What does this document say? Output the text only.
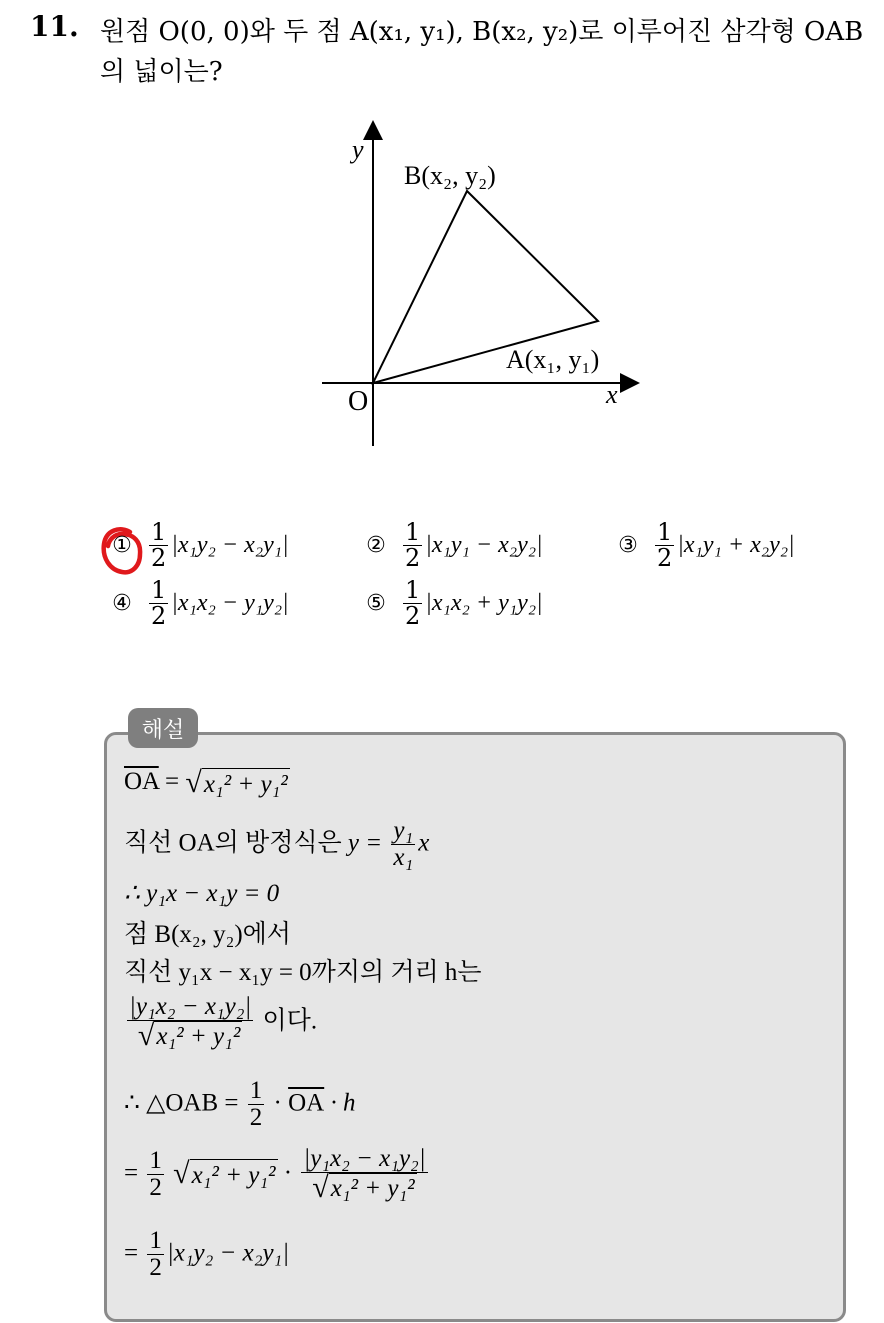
11. 원점 O(0, 0)와 두 점 A(x₁, y₁), B(x₂, y₂)로 이루어진 삼각형 OAB
의 넓이는?
y
x
O
B(x₂, y₂)
A(x₁, y₁)
① $\frac{1}{2} |x_1y_2 - x_2y_1|$	② $\frac{1}{2} |x_1y_1 - x_2y_2|$	③ $\frac{1}{2} |x_1y_1 + x_2y_2|$
④ $\frac{1}{2} |x_1x_2 - y_1y_2|$	⑤ $\frac{1}{2} |x_1x_2 + y_1y_2|$
해설
$\overline{OA}$ = √ x₁² + y₁²
직선 OA의 방정식은 $y = \frac{\text{y₁}}{\text{x₁}}$ x
∴ y₁x − x₁y = 0
점 B(x₂, y₂)에서
직선 y₁x − x₁y = 0까지의 거리 h는
$\frac{\text{|y₁x₂ − x₁y₂|}}{\text{√ x₁² + y₁²}}$ 이다.
∴ △OAB = $\frac{1}{2} \cdot \overline{OA} \cdot h$
= $\frac{1}{2}$
√ $x_1^2 + y_1^2 \cdot \frac{\text{|y₁x₂ − x₁y₂|}}{\text{√ x₁² + y₁²}}$
= $\frac{1}{2} |x_1y_2 - x_2y_1|$
